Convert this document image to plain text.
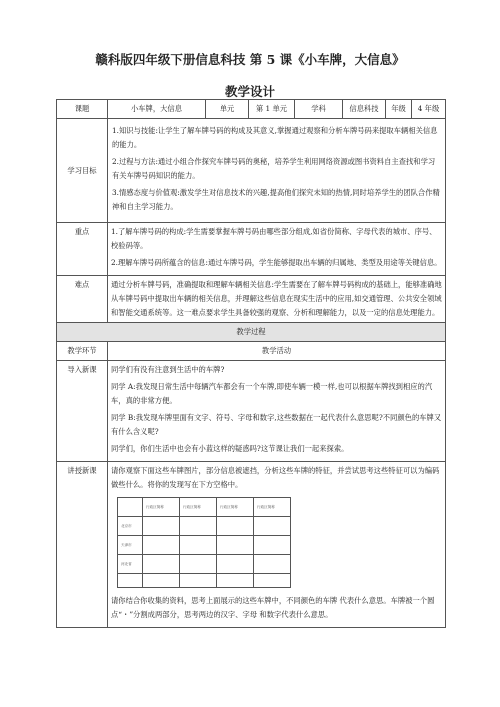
赣科版四年级下册信息科技 第 5 课《小车牌，大信息》
教学设计
课题	小车牌，大信息	单元	第 1 单元	学科	信息科技	年级	4 年级
学习目标	
1.知识与技能:让学生了解车牌号码的构成及其意义,掌握通过观察和分析车牌号码来提取车辆相关信息的能力。
2.过程与方法:通过小组合作探究车牌号码的奥秘，培养学生利用网络资源或图书资料自主查找和学习有关车牌号码知识的能力。
3.情感态度与价值观:激发学生对信息技术的兴趣,提高他们探究未知的热情,同时培养学生的团队合作精神和自主学习能力。

重点	1.了解车牌号码的构成:学生需要掌握车牌号码由哪些部分组成,如省份简称、字母代表的城市、序号、校验码等。
2.理解车牌号码所蕴含的信息:通过车牌号码，学生能够提取出车辆的归属地、类型及用途等关键信息。

难点	通过分析车牌号码，准确提取和理解车辆相关信息:学生需要在了解车牌号码构成的基础上，能够准确地从车牌号码中提取出车辆的相关信息，并理解这些信息在现实生活中的应用,如交通管理、公共安全领域和智能交通系统等。这一难点要求学生具备较强的观察、分析和理解能力，以及一定的信息处理能力。
教学过程
教学环节	教学活动
导入新课	同学们有没有注意到生活中的车牌?
同学 A:我发现日常生活中每辆汽车都会有一个车牌,即使车辆一模一样,也可以根据车牌找到相应的汽车，真的非常方便。
同学 B:我发现车牌里面有文字、符号、字母和数字,这些数据在一起代表什么意思呢?不同颜色的车牌又有什么含义呢?
同学们，你们生活中也会有小蓝这样的疑惑吗?这节课让我们一起来探索。

讲授新课	请你观察下面这些车牌图片，部分信息被遮挡，分析这些车牌的特征，并尝试思考这些特征可以为编码做些什么。将你的发现写在下方空格中。
	行政区简称	行政区简称	行政区简称	行政区简称
北京市				
天津市				
河北省				

请你结合你收集的资料，思考上面展示的这些车牌中，不同颜色的车牌 代表什么意思。车牌被一个圆点“・”分割成两部分，思考两边的汉字、字母 和数字代表什么意思。
